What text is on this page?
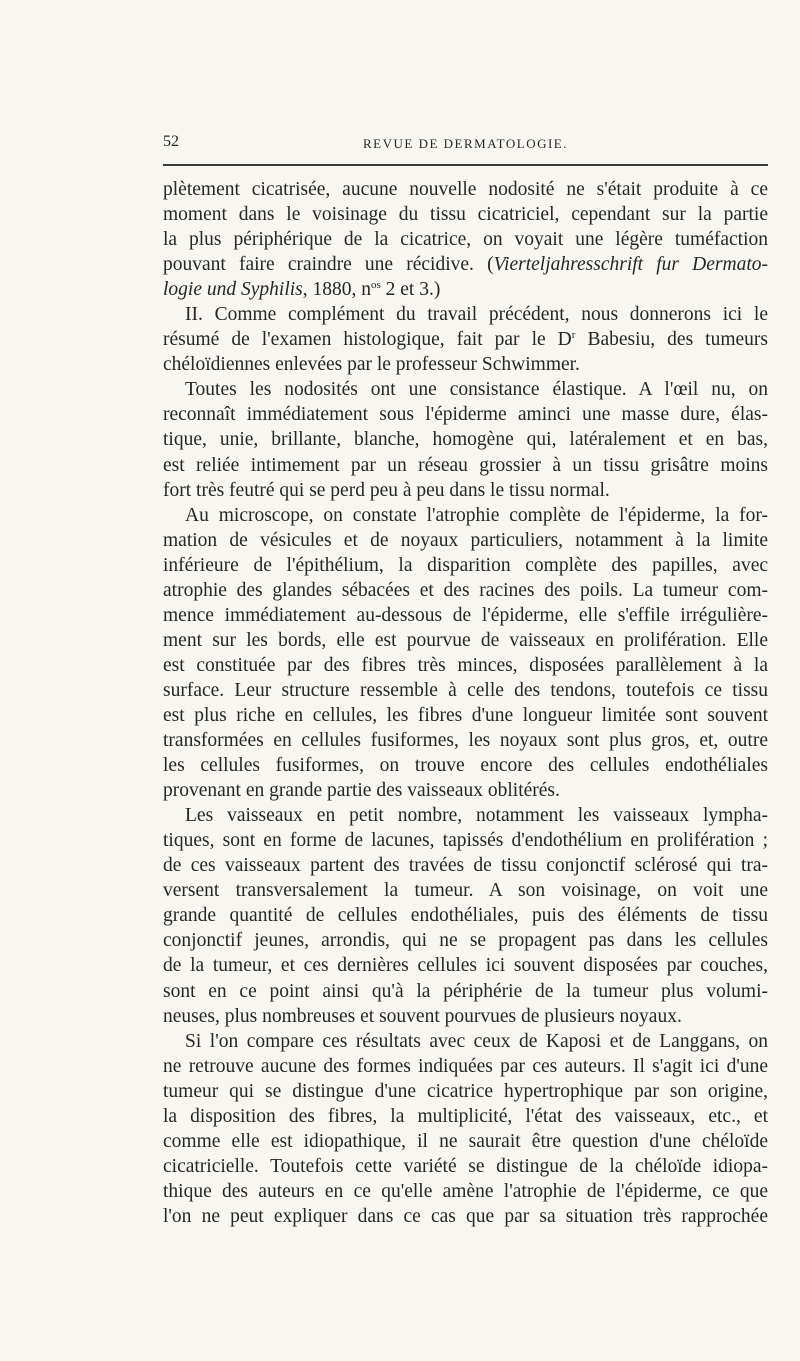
52	REVUE DE DERMATOLOGIE.
plètement cicatrisée, aucune nouvelle nodosité ne s'était produite à ce
moment dans le voisinage du tissu cicatriciel, cependant sur la partie
la plus périphérique de la cicatrice, on voyait une légère tuméfaction
pouvant faire craindre une récidive. (Vierteljahresschrift fur Dermato-
logie und Syphilis, 1880, $n^{os}$ 2 et 3.)
II. Comme complément du travail précédent, nous donnerons ici le
résumé de l'examen histologique, fait par le $D^r$ Babesiu, des tumeurs
chéloïdiennes enlevées par le professeur Schwimmer.
Toutes les nodosités ont une consistance élastique. A l'œil nu, on
reconnaît immédiatement sous l'épiderme aminci une masse dure, élas-
tique, unie, brillante, blanche, homogène qui, latéralement et en bas,
est reliée intimement par un réseau grossier à un tissu grisâtre moins
fort très feutré qui se perd peu à peu dans le tissu normal.
Au microscope, on constate l'atrophie complète de l'épiderme, la for-
mation de vésicules et de noyaux particuliers, notamment à la limite
inférieure de l'épithélium, la disparition complète des papilles, avec
atrophie des glandes sébacées et des racines des poils. La tumeur com-
mence immédiatement au-dessous de l'épiderme, elle s'effile irrégulière-
ment sur les bords, elle est pourvue de vaisseaux en prolifération. Elle
est constituée par des fibres très minces, disposées parallèlement à la
surface. Leur structure ressemble à celle des tendons, toutefois ce tissu
est plus riche en cellules, les fibres d'une longueur limitée sont souvent
transformées en cellules fusiformes, les noyaux sont plus gros, et, outre
les cellules fusiformes, on trouve encore des cellules endothéliales
provenant en grande partie des vaisseaux oblitérés.
Les vaisseaux en petit nombre, notamment les vaisseaux lympha-
tiques, sont en forme de lacunes, tapissés d'endothélium en prolifération ;
de ces vaisseaux partent des travées de tissu conjonctif sclérosé qui tra-
versent transversalement la tumeur. A son voisinage, on voit une
grande quantité de cellules endothéliales, puis des éléments de tissu
conjonctif jeunes, arrondis, qui ne se propagent pas dans les cellules
de la tumeur, et ces dernières cellules ici souvent disposées par couches,
sont en ce point ainsi qu'à la périphérie de la tumeur plus volumi-
neuses, plus nombreuses et souvent pourvues de plusieurs noyaux.
Si l'on compare ces résultats avec ceux de Kaposi et de Langgans, on
ne retrouve aucune des formes indiquées par ces auteurs. Il s'agit ici d'une
tumeur qui se distingue d'une cicatrice hypertrophique par son origine,
la disposition des fibres, la multiplicité, l'état des vaisseaux, etc., et
comme elle est idiopathique, il ne saurait être question d'une chéloïde
cicatricielle. Toutefois cette variété se distingue de la chéloïde idiopa-
thique des auteurs en ce qu'elle amène l'atrophie de l'épiderme, ce que
l'on ne peut expliquer dans ce cas que par sa situation très rapprochée
